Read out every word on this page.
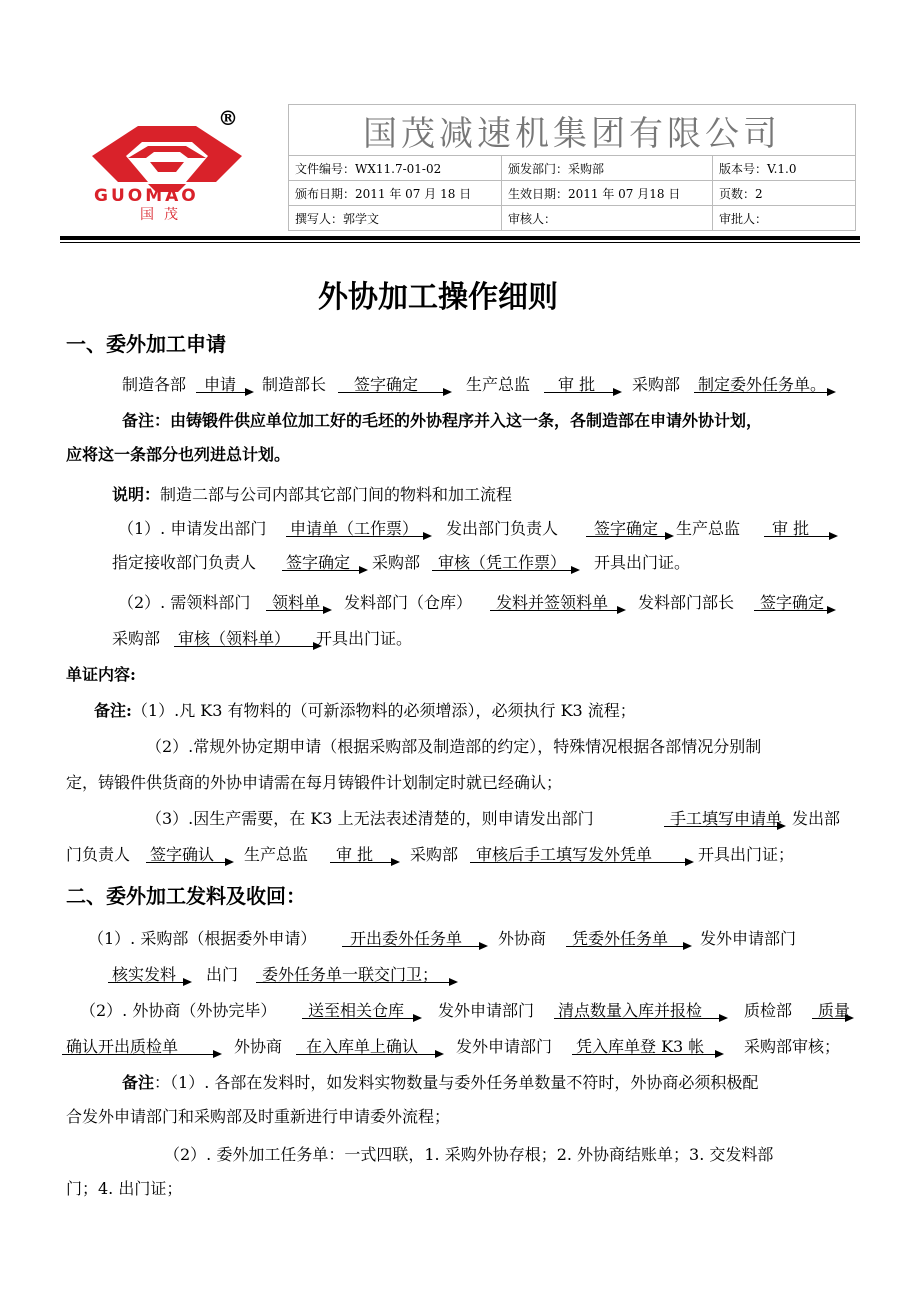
®
GUOMAO
国茂
国茂减速机集团有限公司		
文件编号：WX11.7-01-02	颁发部门：采购部	版本号：V.1.0
颁布日期：2011 年 07 月 18 日	生效日期：2011 年 07 月18 日	页数：2
撰写人：郭学文	审核人：	审批人：
外协加工操作细则
一、委外加工申请
制造各部 申请 制造部长 签字确定	生产总监 审 批 采购部 制定委外任务单。
备注：由铸锻件供应单位加工好的毛坯的外协程序并入这一条，各制造部在申请外协计划，
应将这一条部分也列进总计划。
说明：制造二部与公司内部其它部门间的物料和加工流程
（1）. 申请发出部门 申请单（工作票） 发出部门负责人 签字确定 生产总监 审 批
指定接收部门负责人 签字确定 采购部 审核（凭工作票） 开具出门证。
（2）. 需领料部门 领料单 发料部门（仓库） 发料并签领料单 发料部门部长 签字确定
采购部 审核（领料单） 开具出门证。
单证内容:
备注:（1）.凡 K3 有物料的（可新添物料的必须增添），必须执行 K3 流程；
（2）.常规外协定期申请（根据采购部及制造部的约定），特殊情况根据各部情况分别制
定，铸锻件供货商的外协申请需在每月铸锻件计划制定时就已经确认；
（3）.因生产需要，在 K3 上无法表述清楚的，则申请发出部门	手工填写申请单 发出部
门负责人 签字确认 生产总监 审 批 采购部 审核后手工填写发外凭单	开具出门证；
二、委外加工发料及收回：
（1）. 采购部（根据委外申请） 开出委外任务单 外协商 凭委外任务单 发外申请部门
核实发料 出门 委外任务单一联交门卫；
（2）. 外协商（外协完毕） 送至相关仓库 发外申请部门 清点数量入库并报检	质检部 质量
确认开出质检单	外协商 在入库单上确认 发外申请部门 凭入库单登 K3 帐 采购部审核；
备注：（1）. 各部在发料时，如发料实物数量与委外任务单数量不符时，外协商必须积极配
合发外申请部门和采购部及时重新进行申请委外流程；
（2）. 委外加工任务单：一式四联，1. 采购外协存根；2. 外协商结账单；3. 交发料部
门；4. 出门证；
